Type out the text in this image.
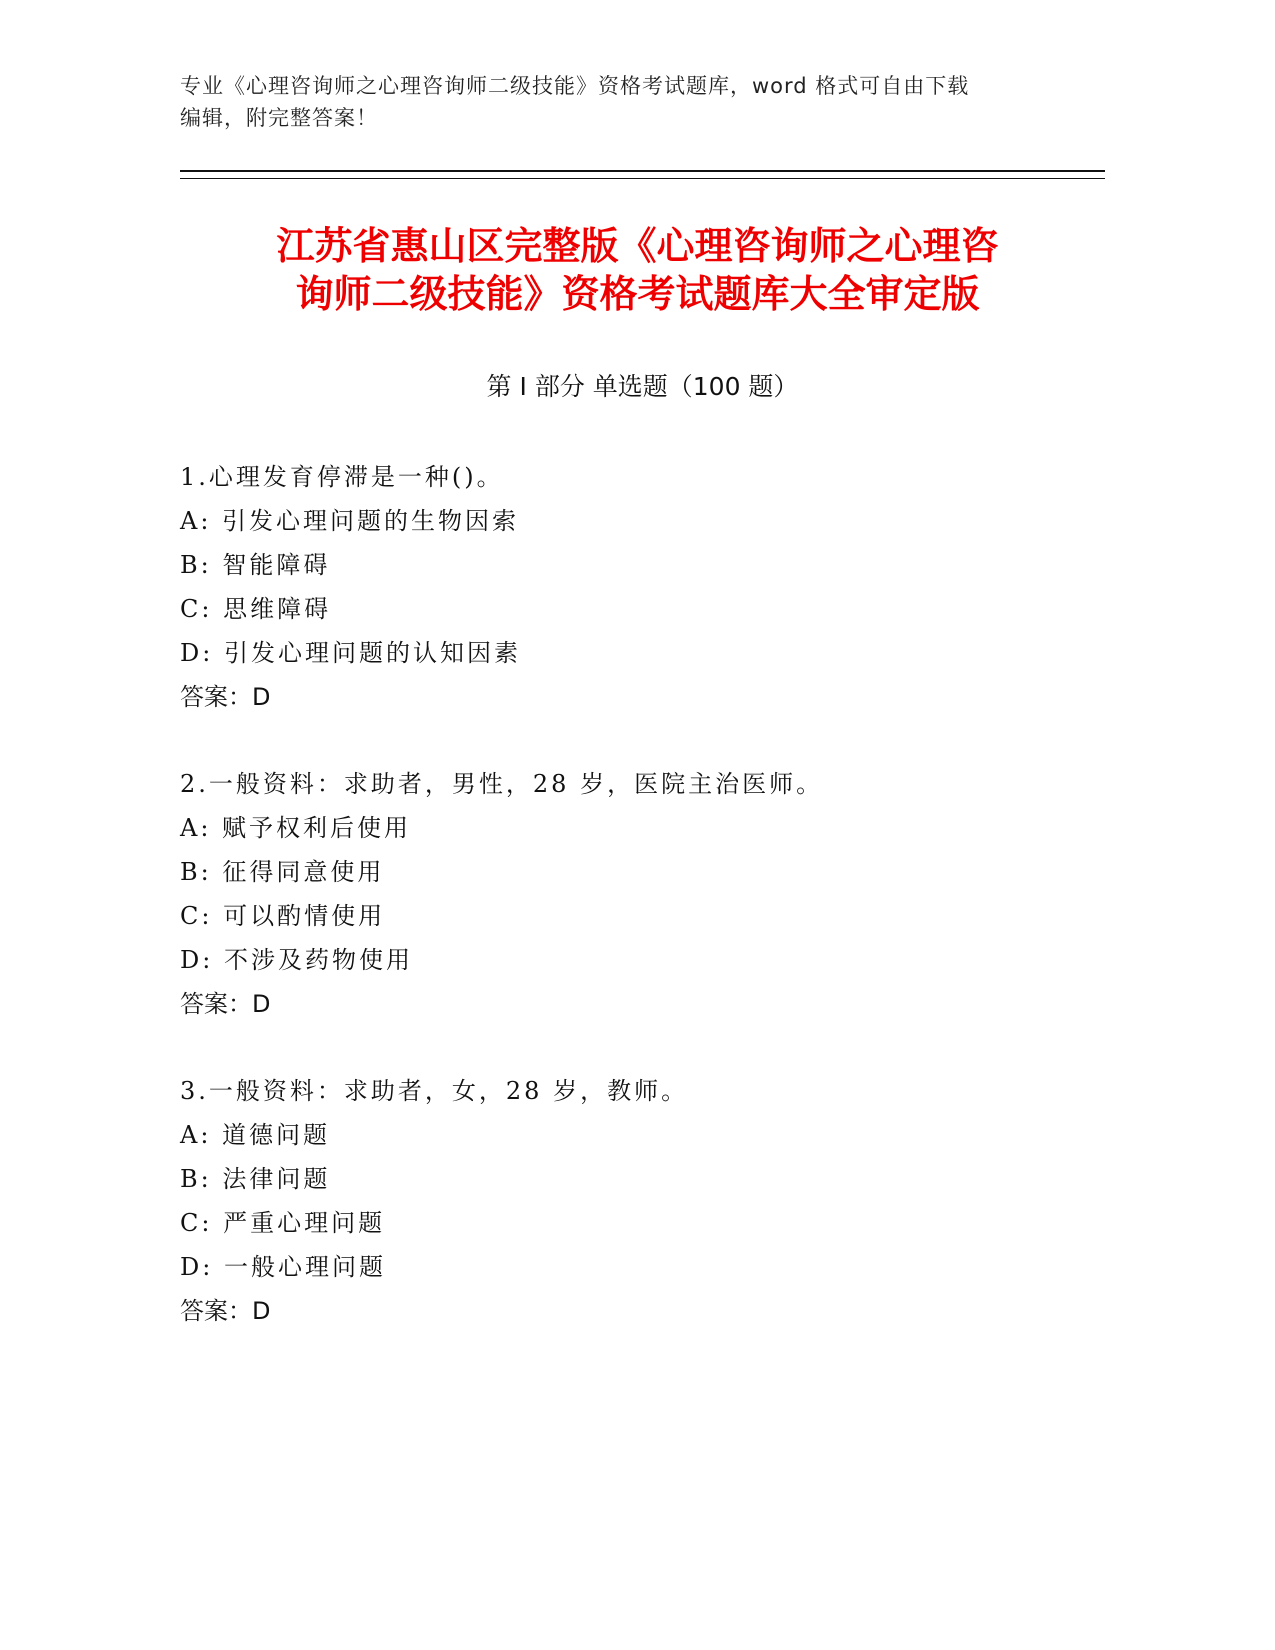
专业《心理咨询师之心理咨询师二级技能》资格考试题库，word 格式可自由下载
编辑，附完整答案！
江苏省惠山区完整版《心理咨询师之心理咨
询师二级技能》资格考试题库大全审定版
第 I 部分 单选题（100 题）
1.心理发育停滞是一种()。
A: 引发心理问题的生物因索
B: 智能障碍
C: 思维障碍
D: 引发心理问题的认知因素
答案：D
2.一般资料：求助者，男性，28 岁，医院主治医师。
A: 赋予权利后使用
B: 征得同意使用
C: 可以酌情使用
D: 不涉及药物使用
答案：D
3.一般资料：求助者，女，28 岁，教师。
A: 道德问题
B: 法律问题
C: 严重心理问题
D: 一般心理问题
答案：D
